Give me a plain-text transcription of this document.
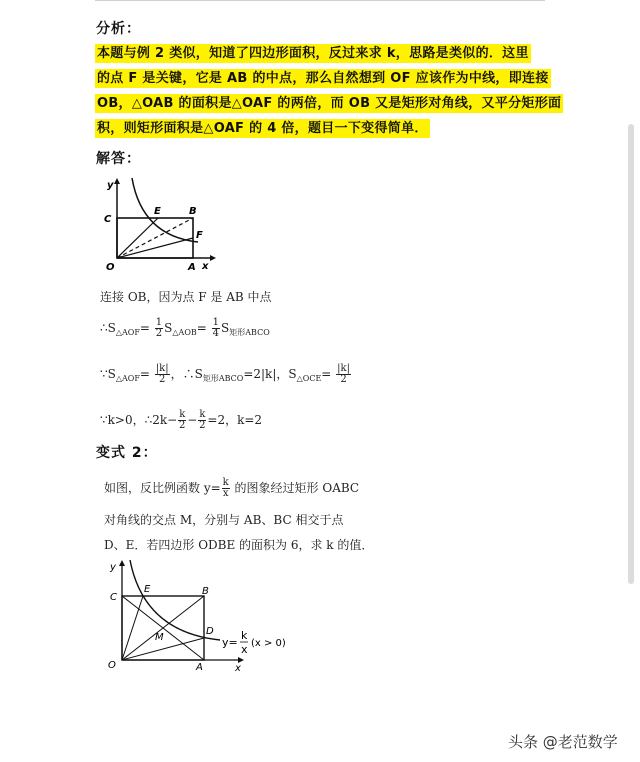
分析：
本题与例 2 类似，知道了四边形面积，反过来求 k，思路是类似的．这里
的点 F 是关键，它是 AB 的中点，那么自然想到 OF 应该作为中线，即连接
OB，△OAB 的面积是△OAF 的两倍，而 OB 又是矩形对角线，又平分矩形面
积，则矩形面积是△OAF 的 4 倍，题目一下变得简单．
解答：
y
x
O
C
E	B
F
A
连接 OB，因为点 F 是 AB 中点
$\therefore S_{\triangle AOF}= \frac{1}{2} S_{\triangle AOB}= \frac{1}{4} S_{矩形ABCO}$
$\because S_{\triangle AOF}= \frac{|k|}{2}$ ，$\therefore S_{矩形ABCO}=2|k|$，$S_{\triangle OCE}= \frac{|k|}{2}$
∵k>0，∴2k− $\frac{k}{2} - \frac{k}{2} =2$，k=2
变式 2：
如图，反比例函数 $y= \frac{k}{x}$ 的图象经过矩形 OABC
对角线的交点 M，分别与 AB、BC 相交于点
D、E．若四边形 ODBE 的面积为 6，求 k 的值．
y
x
O
C
E	B
M
D
A
y=
k
x (x > 0)
头条 @老范数学
